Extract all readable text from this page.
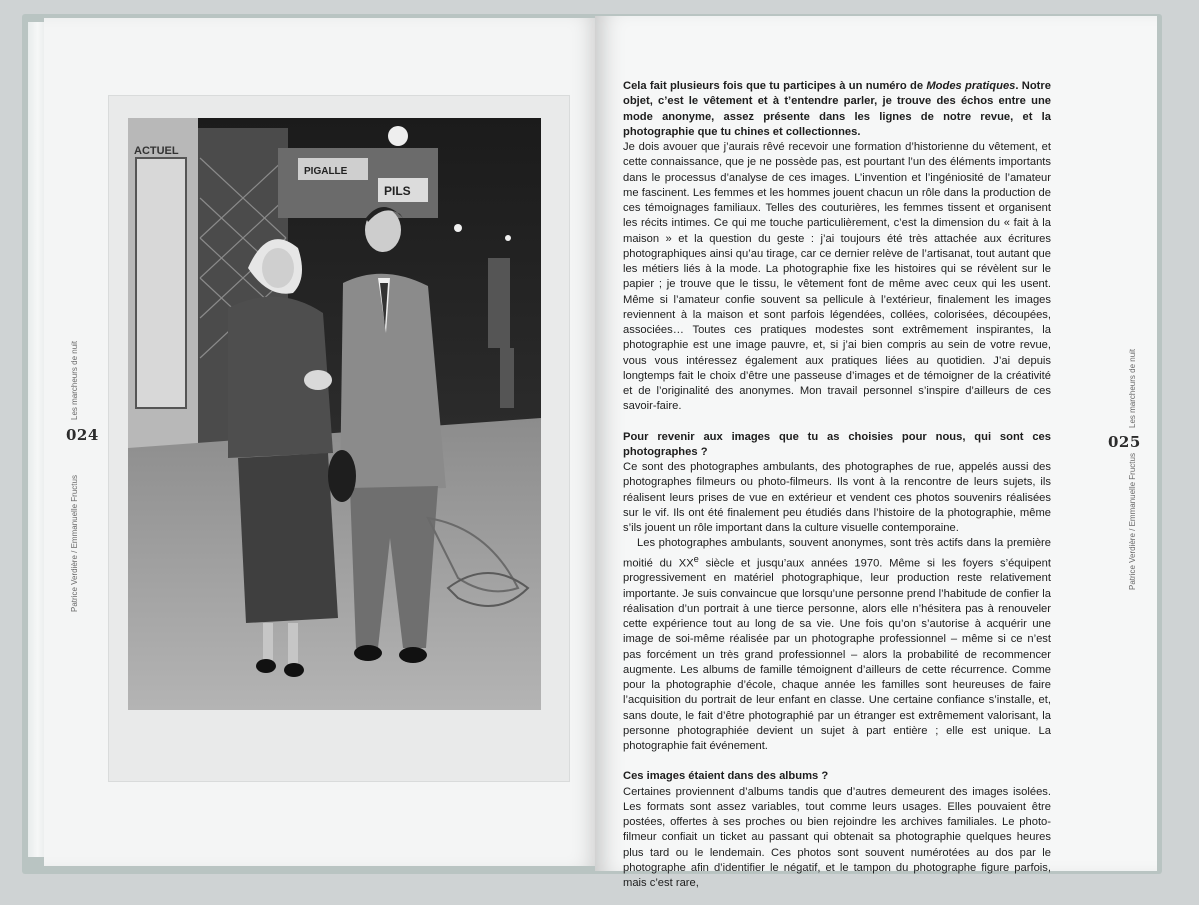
ACTUEL
PIGALLE
PILS
024
Les marcheurs de nuit
Patrice Verdière / Emmanuelle Fructus
025
Les marcheurs de nuit
Patrice Verdière / Emmanuelle Fructus

Cela fait plusieurs fois que tu participes à un numéro de Modes pratiques. Notre objet, c’est le vêtement et à t’entendre parler, je trouve des échos entre une mode anonyme, assez présente dans les lignes de notre revue, et la photographie que tu chines et collectionnes.

Je dois avouer que j’aurais rêvé recevoir une formation d’historienne du vêtement, et cette connaissance, que je ne possède pas, est pourtant l’un des éléments importants dans le processus d’analyse de ces images. L’invention et l’ingéniosité de l’amateur me fascinent. Les femmes et les hommes jouent chacun un rôle dans la production de ces témoignages familiaux. Telles des couturières, les femmes tissent et organisent les récits intimes. Ce qui me touche particulièrement, c’est la dimension du « fait à la maison » et la question du geste : j’ai toujours été très attachée aux écritures photographiques ainsi qu’au tirage, car ce dernier relève de l’artisanat, tout autant que les métiers liés à la mode. La photographie fixe les histoires qui se révèlent sur le papier ; je trouve que le tissu, le vêtement font de même avec ceux qui les usent. Même si l’amateur confie souvent sa pellicule à l’extérieur, finalement les images reviennent à la maison et sont parfois légendées, collées, colorisées, découpées, associées… Toutes ces pratiques modestes sont extrêmement inspirantes, la photographie est une image pauvre, et, si j’ai bien compris au sein de votre revue, vous vous intéressez également aux pratiques liées au quotidien. J’ai depuis longtemps fait le choix d’être une passeuse d’images et de témoigner de la créativité et de l’originalité des anonymes. Mon travail personnel s’inspire d’ailleurs de ces savoir-faire.

Pour revenir aux images que tu as choisies pour nous, qui sont ces photographes ?

Ce sont des photographes ambulants, des photographes de rue, appelés aussi des photographes filmeurs ou photo-filmeurs. Ils vont à la rencontre de leurs sujets, ils réalisent leurs prises de vue en extérieur et vendent ces photos souvenirs réalisées sur le vif. Ils ont été finalement peu étudiés dans l’histoire de la photographie, même s’ils jouent un rôle important dans la culture visuelle contemporaine.

Les photographes ambulants, souvent anonymes, sont très actifs dans la première moitié du XXe siècle et jusqu’aux années 1970. Même si les foyers s’équipent progressivement en matériel photographique, leur production reste relativement importante. Je suis convaincue que lorsqu’une personne prend l’habitude de confier la réalisation d’un portrait à une tierce personne, alors elle n’hésitera pas à renouveler cette expérience tout au long de sa vie. Une fois qu’on s’autorise à acquérir une image de soi-même réalisée par un photographe professionnel – même si ce n’est pas forcément un très grand professionnel – alors la probabilité de recommencer augmente. Les albums de famille témoignent d’ailleurs de cette récurrence. Comme pour la photographie d’école, chaque année les familles sont heureuses de faire l’acquisition du portrait de leur enfant en classe. Une certaine confiance s’installe, et, sans doute, le fait d’être photographié par un étranger est extrêmement valorisant, la personne photographiée devient un sujet à part entière ; elle est unique. La photographie fait événement.

Ces images étaient dans des albums ?

Certaines proviennent d’albums tandis que d’autres demeurent des images isolées. Les formats sont assez variables, tout comme leurs usages. Elles pouvaient être postées, offertes à ses proches ou bien rejoindre les archives familiales. Le photo-filmeur confiait un ticket au passant qui obtenait sa photographie quelques heures plus tard ou le lendemain. Ces photos sont souvent numérotées au dos par le photographe afin d’identifier le négatif, et le tampon du photographe figure parfois, mais c’est rare,
